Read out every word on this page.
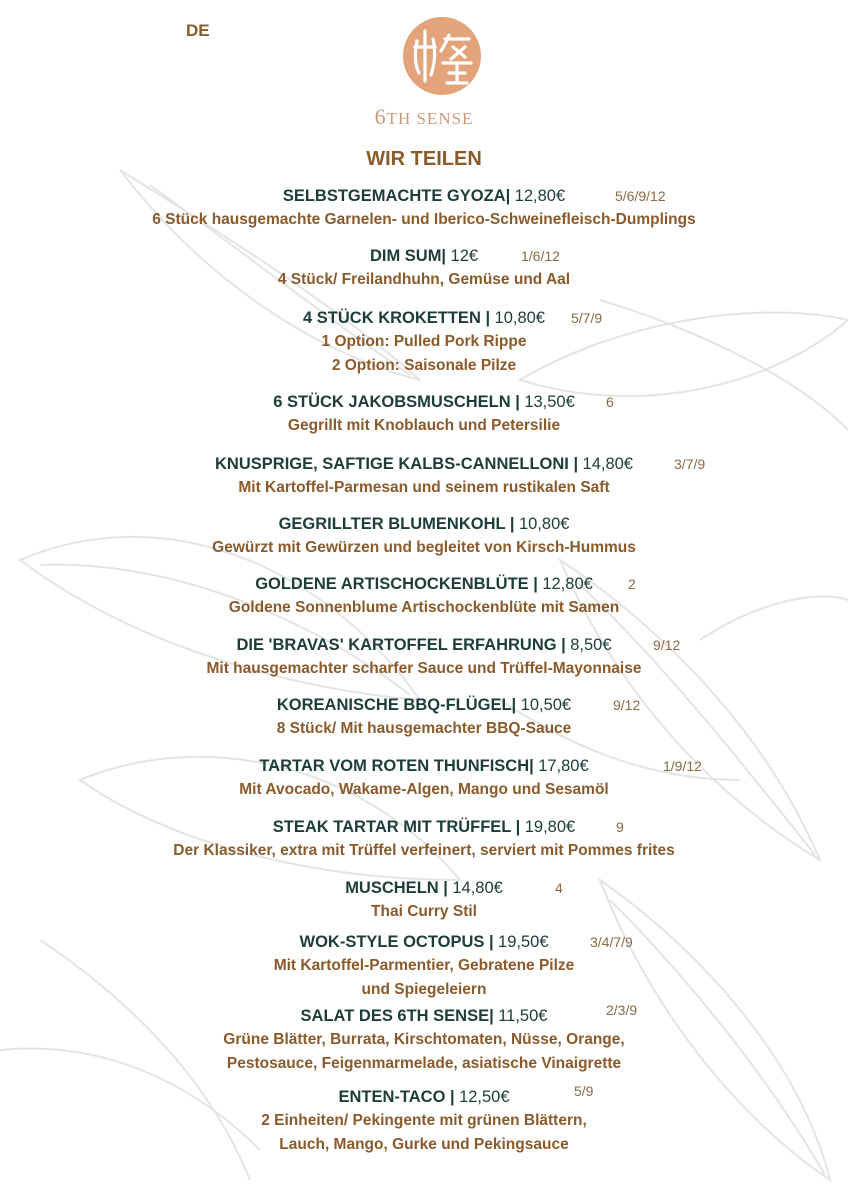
DE
6TH SENSE
WIR TEILEN
SELBSTGEMACHTE GYOZA| 12,80€	5/6/9/12
6 Stück hausgemachte Garnelen- und Iberico-Schweinefleisch-Dumplings
DIM SUM| 12€	1/6/12
4 Stück/ Freilandhuhn, Gemüse und Aal
4 STÜCK KROKETTEN | 10,80€ 5/7/9
1 Option: Pulled Pork Rippe
2 Option: Saisonale Pilze
6 STÜCK JAKOBSMUSCHELN | 13,50€ 6
Gegrillt mit Knoblauch und Petersilie
KNUSPRIGE, SAFTIGE KALBS-CANNELLONI | 14,80€	3/7/9
Mit Kartoffel-Parmesan und seinem rustikalen Saft
GEGRILLTER BLUMENKOHL | 10,80€
Gewürzt mit Gewürzen und begleitet von Kirsch-Hummus
GOLDENE ARTISCHOCKENBLÜTE | 12,80€	2
Goldene Sonnenblume Artischockenblüte mit Samen
DIE 'BRAVAS' KARTOFFEL ERFAHRUNG | 8,50€	9/12
Mit hausgemachter scharfer Sauce und Trüffel-Mayonnaise
KOREANISCHE BBQ-FLÜGEL| 10,50€	9/12
8 Stück/ Mit hausgemachter BBQ-Sauce
TARTAR VOM ROTEN THUNFISCH| 17,80€	1/9/12
Mit Avocado, Wakame-Algen, Mango und Sesamöl
STEAK TARTAR MIT TRÜFFEL | 19,80€	9
Der Klassiker, extra mit Trüffel verfeinert, serviert mit Pommes frites
MUSCHELN | 14,80€	4
Thai Curry Stil
WOK-STYLE OCTOPUS | 19,50€	3/4/7/9
Mit Kartoffel-Parmentier, Gebratene Pilze
und Spiegeleiern
SALAT DES 6TH SENSE| 11,50€	2/3/9
Grüne Blätter, Burrata, Kirschtomaten, Nüsse, Orange,
Pestosauce, Feigenmarmelade, asiatische Vinaigrette
ENTEN-TACO | 12,50€	5/9
2 Einheiten/ Pekingente mit grünen Blättern,
Lauch, Mango, Gurke und Pekingsauce
